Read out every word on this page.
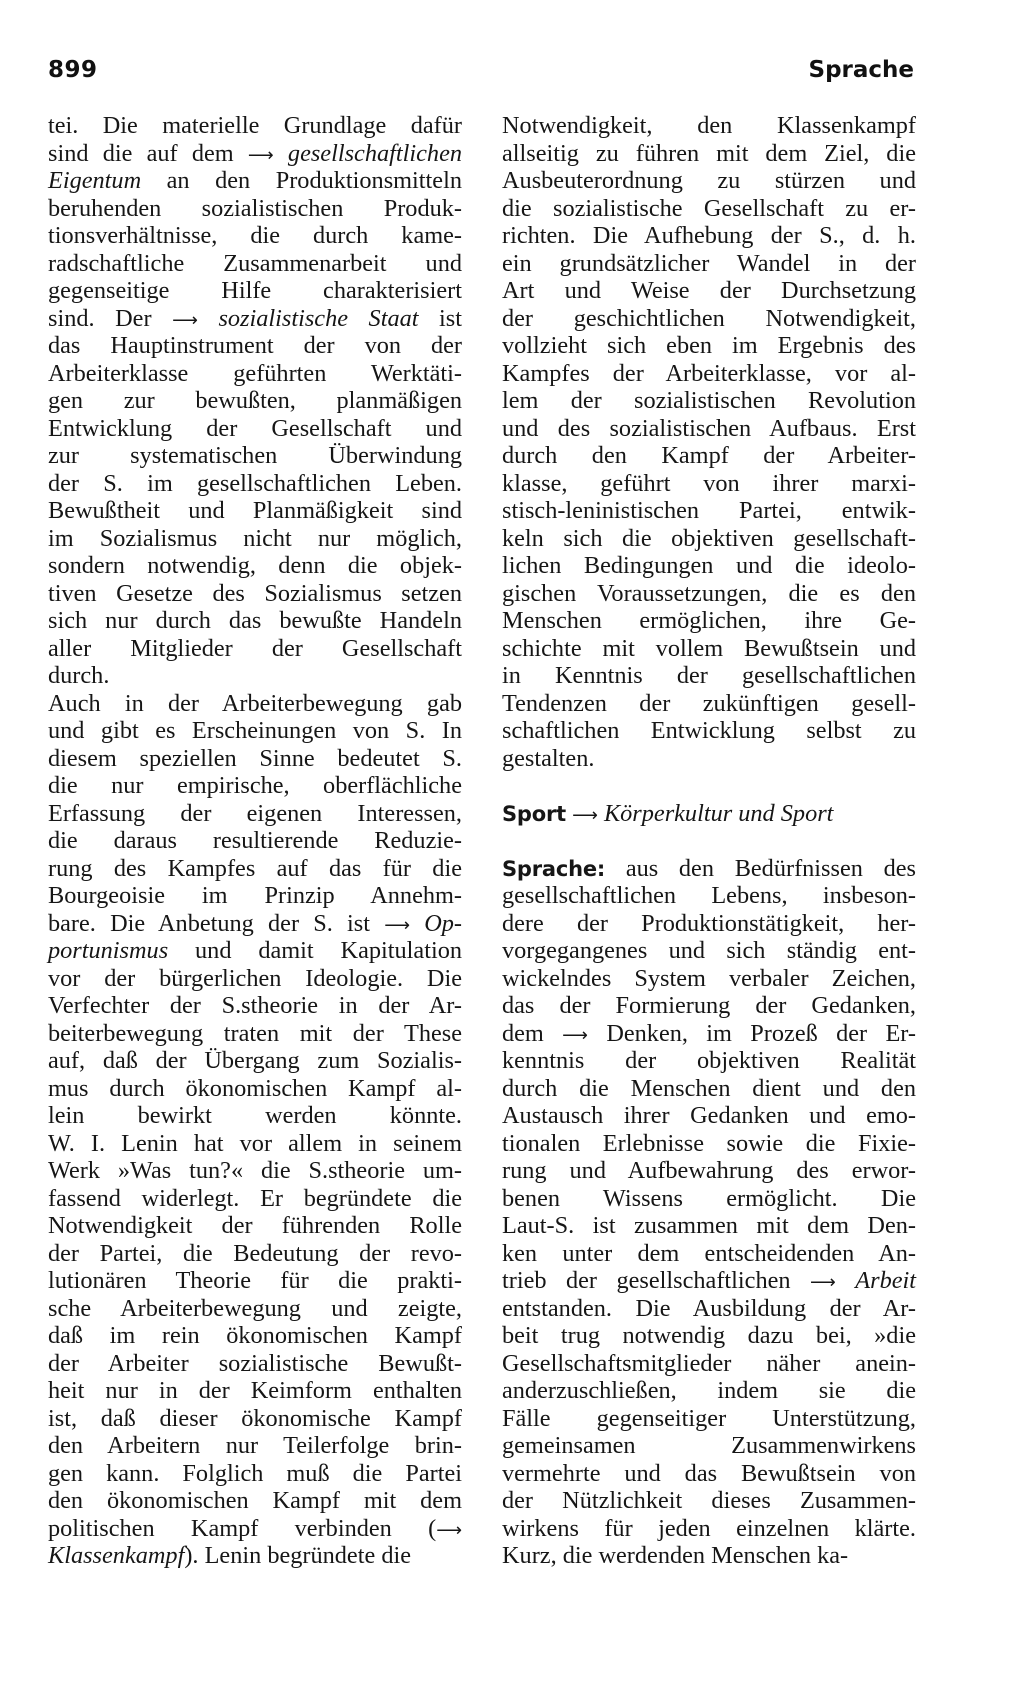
899	Sprache
tei. Die materielle Grundlage dafür
sind die auf dem ⟶ gesellschaftlichen
Eigentum an den Produktionsmitteln
beruhenden sozialistischen Produk-
tionsverhältnisse, die durch kame-
radschaftliche Zusammenarbeit und
gegenseitige Hilfe charakterisiert
sind. Der ⟶ sozialistische Staat ist
das Hauptinstrument der von der
Arbeiterklasse geführten Werktäti-
gen zur bewußten, planmäßigen
Entwicklung der Gesellschaft und
zur systematischen Überwindung
der S. im gesellschaftlichen Leben.
Bewußtheit und Planmäßigkeit sind
im Sozialismus nicht nur möglich,
sondern notwendig, denn die objek-
tiven Gesetze des Sozialismus setzen
sich nur durch das bewußte Handeln
aller Mitglieder der Gesellschaft
durch.
Auch in der Arbeiterbewegung gab
und gibt es Erscheinungen von S. In
diesem speziellen Sinne bedeutet S.
die nur empirische, oberflächliche
Erfassung der eigenen Interessen,
die daraus resultierende Reduzie-
rung des Kampfes auf das für die
Bourgeoisie im Prinzip Annehm-
bare. Die Anbetung der S. ist ⟶ Op-
portunismus und damit Kapitulation
vor der bürgerlichen Ideologie. Die
Verfechter der S.stheorie in der Ar-
beiterbewegung traten mit der These
auf, daß der Übergang zum Sozialis-
mus durch ökonomischen Kampf al-
lein bewirkt werden könnte.
W. I. Lenin hat vor allem in seinem
Werk »Was tun?« die S.stheorie um-
fassend widerlegt. Er begründete die
Notwendigkeit der führenden Rolle
der Partei, die Bedeutung der revo-
lutionären Theorie für die prakti-
sche Arbeiterbewegung und zeigte,
daß im rein ökonomischen Kampf
der Arbeiter sozialistische Bewußt-
heit nur in der Keimform enthalten
ist, daß dieser ökonomische Kampf
den Arbeitern nur Teilerfolge brin-
gen kann. Folglich muß die Partei
den ökonomischen Kampf mit dem
politischen Kampf verbinden (⟶
Klassenkampf). Lenin begründete die
Notwendigkeit, den Klassenkampf
allseitig zu führen mit dem Ziel, die
Ausbeuterordnung zu stürzen und
die sozialistische Gesellschaft zu er-
richten. Die Aufhebung der S., d. h.
ein grundsätzlicher Wandel in der
Art und Weise der Durchsetzung
der geschichtlichen Notwendigkeit,
vollzieht sich eben im Ergebnis des
Kampfes der Arbeiterklasse, vor al-
lem der sozialistischen Revolution
und des sozialistischen Aufbaus. Erst
durch den Kampf der Arbeiter-
klasse, geführt von ihrer marxi-
stisch-leninistischen Partei, entwik-
keln sich die objektiven gesellschaft-
lichen Bedingungen und die ideolo-
gischen Voraussetzungen, die es den
Menschen ermöglichen, ihre Ge-
schichte mit vollem Bewußtsein und
in Kenntnis der gesellschaftlichen
Tendenzen der zukünftigen gesell-
schaftlichen Entwicklung selbst zu
gestalten.
Sport ⟶ Körperkultur und Sport
Sprache: aus den Bedürfnissen des
gesellschaftlichen Lebens, insbeson-
dere der Produktionstätigkeit, her-
vorgegangenes und sich ständig ent-
wickelndes System verbaler Zeichen,
das der Formierung der Gedanken,
dem ⟶ Denken, im Prozeß der Er-
kenntnis der objektiven Realität
durch die Menschen dient und den
Austausch ihrer Gedanken und emo-
tionalen Erlebnisse sowie die Fixie-
rung und Aufbewahrung des erwor-
benen Wissens ermöglicht. Die
Laut-S. ist zusammen mit dem Den-
ken unter dem entscheidenden An-
trieb der gesellschaftlichen ⟶ Arbeit
entstanden. Die Ausbildung der Ar-
beit trug notwendig dazu bei, »die
Gesellschaftsmitglieder näher anein-
anderzuschließen, indem sie die
Fälle gegenseitiger Unterstützung,
gemeinsamen Zusammenwirkens
vermehrte und das Bewußtsein von
der Nützlichkeit dieses Zusammen-
wirkens für jeden einzelnen klärte.
Kurz, die werdenden Menschen ka-
